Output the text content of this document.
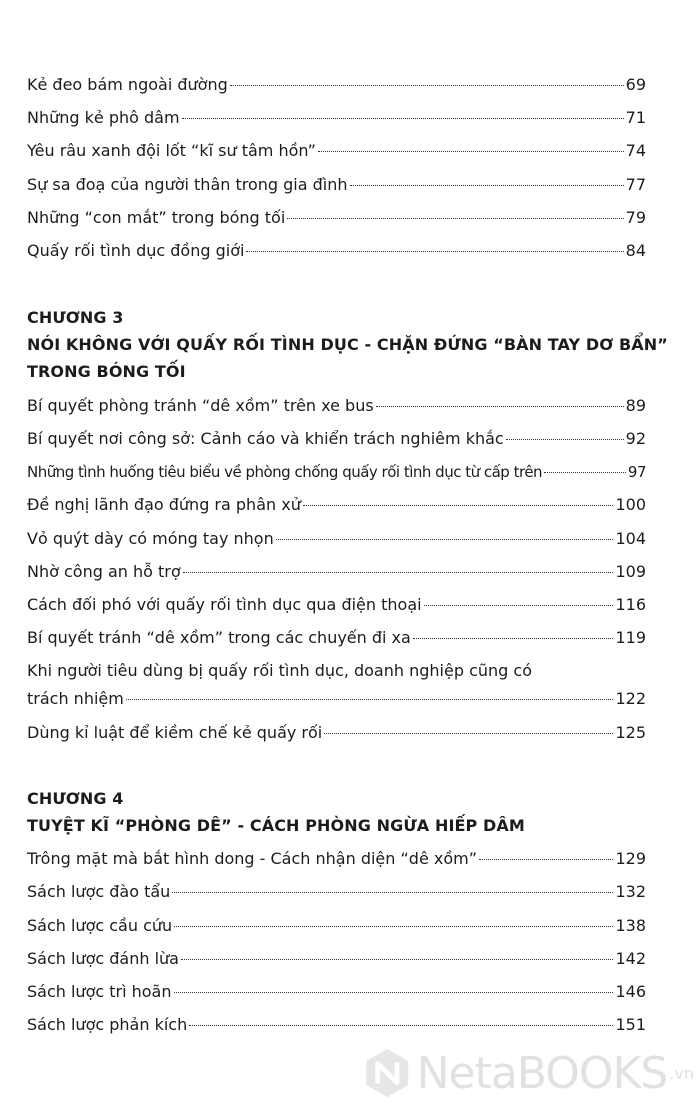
Kẻ đeo bám ngoài đường	69
Những kẻ phô dâm	71
Yêu râu xanh đội lốt “kĩ sư tâm hồn”	74
Sự sa đoạ của người thân trong gia đình	77
Những “con mắt” trong bóng tối	79
Quấy rối tình dục đồng giới	84
CHƯƠNG 3
NÓI KHÔNG VỚI QUẤY RỐI TÌNH DỤC - CHẶN ĐỨNG “BÀN TAY DƠ BẨN”
TRONG BÓNG TỐI
Bí quyết phòng tránh “dê xồm” trên xe bus	89
Bí quyết nơi công sở: Cảnh cáo và khiển trách nghiêm khắc	92
Những tình huống tiêu biểu về phòng chống quấy rối tình dục từ cấp trên	97
Đề nghị lãnh đạo đứng ra phân xử	100
Vỏ quýt dày có móng tay nhọn	104
Nhờ công an hỗ trợ	109
Cách đối phó với quấy rối tình dục qua điện thoại	116
Bí quyết tránh “dê xồm” trong các chuyến đi xa	119
Khi người tiêu dùng bị quấy rối tình dục, doanh nghiệp cũng có
trách nhiệm	122
Dùng kỉ luật để kiềm chế kẻ quấy rối	125
CHƯƠNG 4
TUYỆT KĨ “PHÒNG DÊ” - CÁCH PHÒNG NGỪA HIẾP DÂM
Trông mặt mà bắt hình dong - Cách nhận diện “dê xồm”	129
Sách lược đào tẩu	132
Sách lược cầu cứu	138
Sách lược đánh lừa	142
Sách lược trì hoãn	146
Sách lược phản kích	151
NetaBOOKS .vn
